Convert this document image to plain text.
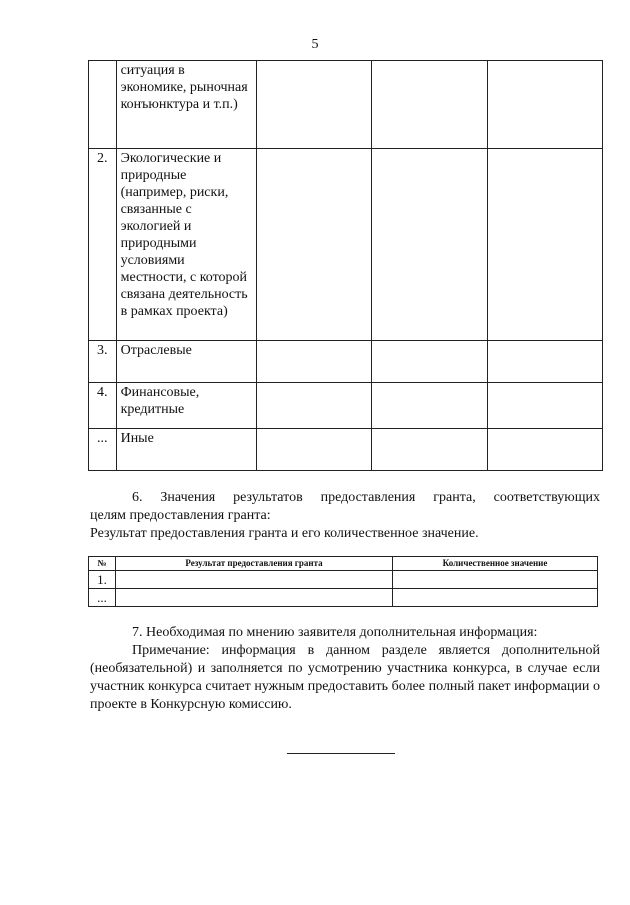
5
	ситуация в экономике, рыночная конъюнктура и т.п.)			
2.	Экологические и природные (например, риски, связанные с экологией и природными условиями местности, с которой связана деятельность в рамках проекта)			
3.	Отраслевые			
4.	Финансовые, кредитные			
...	Иные			

6. Значения результатов предоставления гранта, соответствующих

целям предоставления гранта:

Результат предоставления гранта и его количественное значение.

№	Результат предоставления гранта	Количественное значение
1.		
...		

7. Необходимая по мнению заявителя дополнительная информация:

Примечание: информация в данном разделе является дополнительной (необязательной) и заполняется по усмотрению участника конкурса, в случае если участник конкурса считает нужным предоставить более полный пакет информации о проекте в Конкурсную комиссию.
